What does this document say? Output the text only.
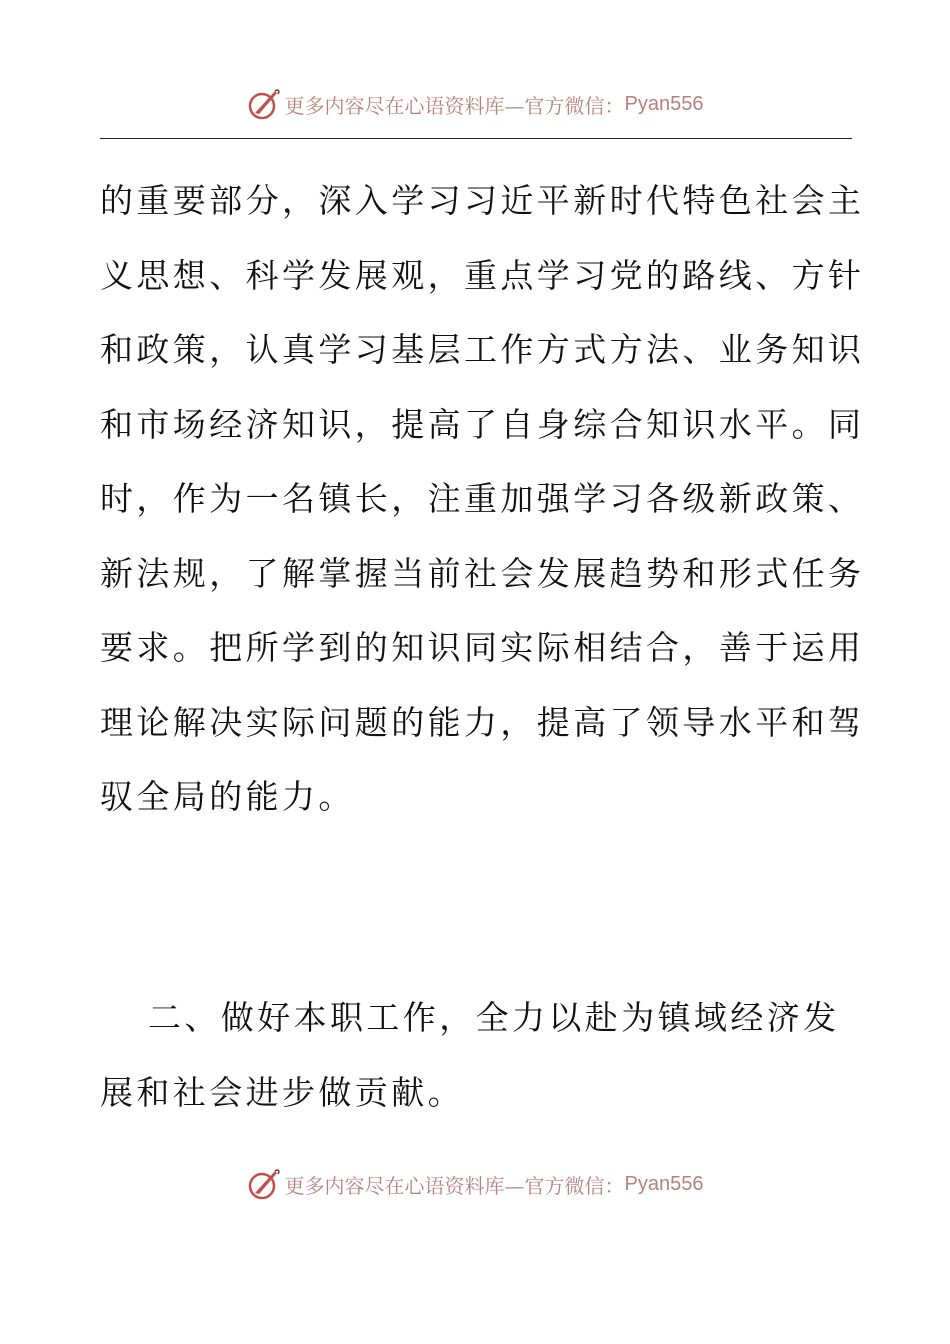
更多内容尽在心语资料库—官方微信： Pyan556
的重要部分，深入学习习近平新时代特色社会主
义思想、科学发展观，重点学习党的路线、方针
和政策，认真学习基层工作方式方法、业务知识
和市场经济知识，提高了自身综合知识水平。同
时，作为一名镇长，注重加强学习各级新政策、
新法规，了解掌握当前社会发展趋势和形式任务
要求。把所学到的知识同实际相结合，善于运用
理论解决实际问题的能力，提高了领导水平和驾
驭全局的能力。
二、做好本职工作，全力以赴为镇域经济发
展和社会进步做贡献。
更多内容尽在心语资料库—官方微信： Pyan556
